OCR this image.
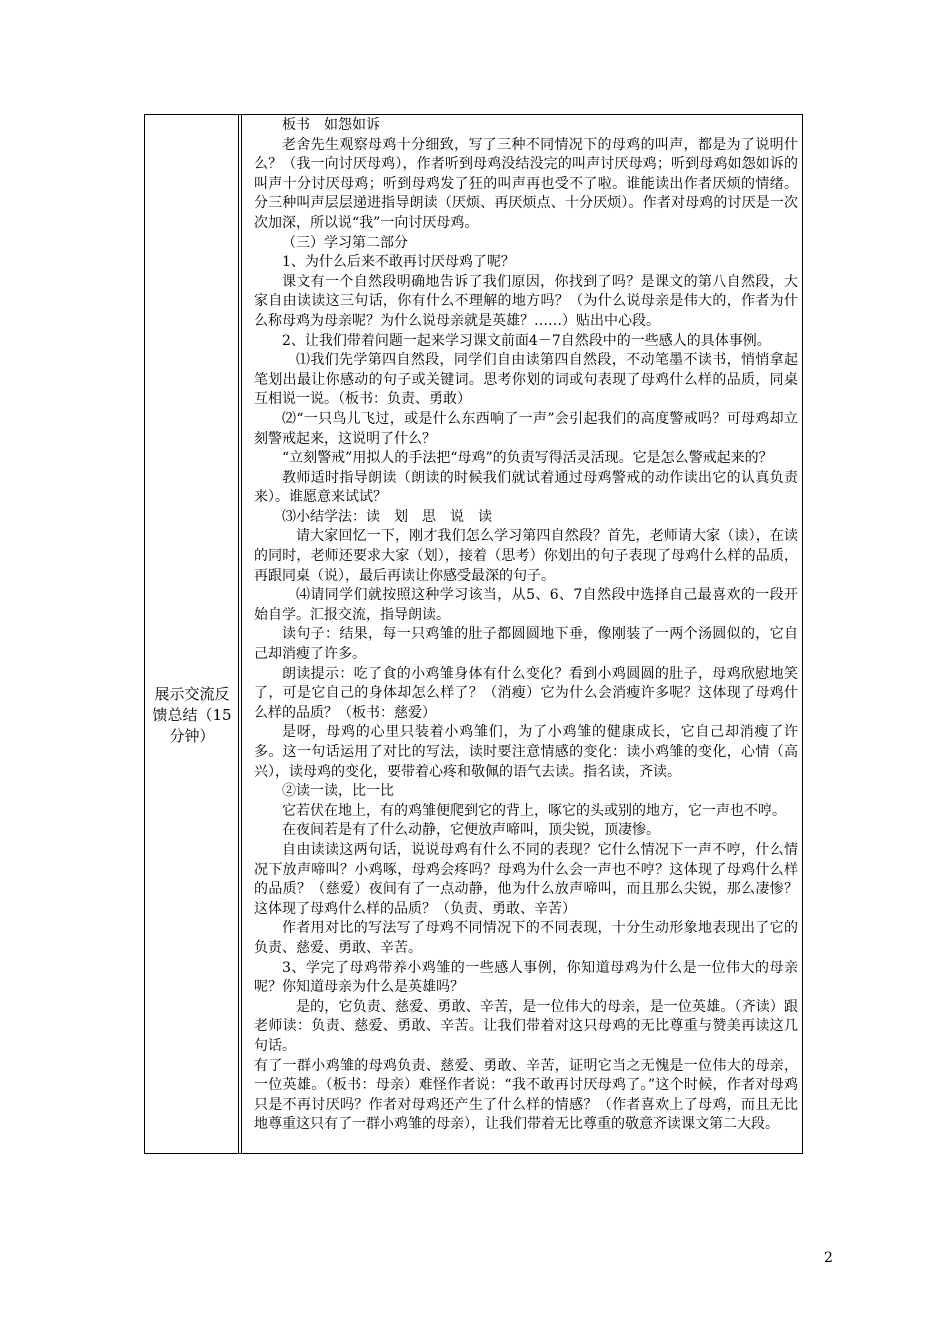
展示交流反馈总结（15分钟）

板书　如怨如诉

老舍先生观察母鸡十分细致，写了三种不同情况下的母鸡的叫声，都是为了说明什么？（我一向讨厌母鸡），作者听到母鸡没结没完的叫声讨厌母鸡；听到母鸡如怨如诉的叫声十分讨厌母鸡；听到母鸡发了狂的叫声再也受不了啦。谁能读出作者厌烦的情绪。分三种叫声层层递进指导朗读（厌烦、再厌烦点、十分厌烦）。作者对母鸡的讨厌是一次次加深，所以说“我”一向讨厌母鸡。

（三）学习第二部分

1、为什么后来不敢再讨厌母鸡了呢？

课文有一个自然段明确地告诉了我们原因，你找到了吗？是课文的第八自然段，大家自由读读这三句话，你有什么不理解的地方吗？（为什么说母亲是伟大的，作者为什么称母鸡为母亲呢？为什么说母亲就是英雄？……）贴出中心段。

2、让我们带着问题一起来学习课文前面4－7自然段中的一些感人的具体事例。

⑴我们先学第四自然段，同学们自由读第四自然段，不动笔墨不读书，悄悄拿起笔划出最让你感动的句子或关键词。思考你划的词或句表现了母鸡什么样的品质，同桌互相说一说。（板书：负责、勇敢）

⑵“一只鸟儿飞过，或是什么东西响了一声”会引起我们的高度警戒吗？可母鸡却立刻警戒起来，这说明了什么？

“立刻警戒”用拟人的手法把“母鸡”的负责写得活灵活现。它是怎么警戒起来的？

教师适时指导朗读（朗读的时候我们就试着通过母鸡警戒的动作读出它的认真负责来）。谁愿意来试试？

⑶小结学法：读　划　思　说　读

请大家回忆一下，刚才我们怎么学习第四自然段？首先，老师请大家（读），在读的同时，老师还要求大家（划），接着（思考）你划出的句子表现了母鸡什么样的品质，再跟同桌（说），最后再读让你感受最深的句子。

⑷请同学们就按照这种学习该当，从5、6、7自然段中选择自己最喜欢的一段开始自学。汇报交流，指导朗读。

读句子：结果，每一只鸡雏的肚子都圆圆地下垂，像刚装了一两个汤圆似的，它自己却消瘦了许多。

朗读提示：吃了食的小鸡雏身体有什么变化？看到小鸡圆圆的肚子，母鸡欣慰地笑了，可是它自己的身体却怎么样了？（消瘦）它为什么会消瘦许多呢？这体现了母鸡什么样的品质？（板书：慈爱）

是呀，母鸡的心里只装着小鸡雏们，为了小鸡雏的健康成长，它自己却消瘦了许多。这一句话运用了对比的写法，读时要注意情感的变化：读小鸡雏的变化，心情（高兴），读母鸡的变化，要带着心疼和敬佩的语气去读。指名读，齐读。

②读一读，比一比

它若伏在地上，有的鸡雏便爬到它的背上，啄它的头或别的地方，它一声也不哼。

在夜间若是有了什么动静，它便放声啼叫，顶尖锐，顶凄惨。

自由读读这两句话，说说母鸡有什么不同的表现？它什么情况下一声不哼，什么情况下放声啼叫？小鸡啄，母鸡会疼吗？母鸡为什么会一声也不哼？这体现了母鸡什么样的品质？（慈爱）夜间有了一点动静，他为什么放声啼叫，而且那么尖锐，那么凄惨？这体现了母鸡什么样的品质？（负责、勇敢、辛苦）

作者用对比的写法写了母鸡不同情况下的不同表现，十分生动形象地表现出了它的负责、慈爱、勇敢、辛苦。

3、学完了母鸡带养小鸡雏的一些感人事例，你知道母鸡为什么是一位伟大的母亲呢？你知道母亲为什么是英雄吗？

是的，它负责、慈爱、勇敢、辛苦，是一位伟大的母亲，是一位英雄。（齐读）跟老师读：负责、慈爱、勇敢、辛苦。让我们带着对这只母鸡的无比尊重与赞美再读这几句话。

有了一群小鸡雏的母鸡负责、慈爱、勇敢、辛苦，证明它当之无愧是一位伟大的母亲，一位英雄。（板书：母亲）难怪作者说：“我不敢再讨厌母鸡了。”这个时候，作者对母鸡只是不再讨厌吗？作者对母鸡还产生了什么样的情感？（作者喜欢上了母鸡，而且无比地尊重这只有了一群小鸡雏的母亲），让我们带着无比尊重的敬意齐读课文第二大段。

2
